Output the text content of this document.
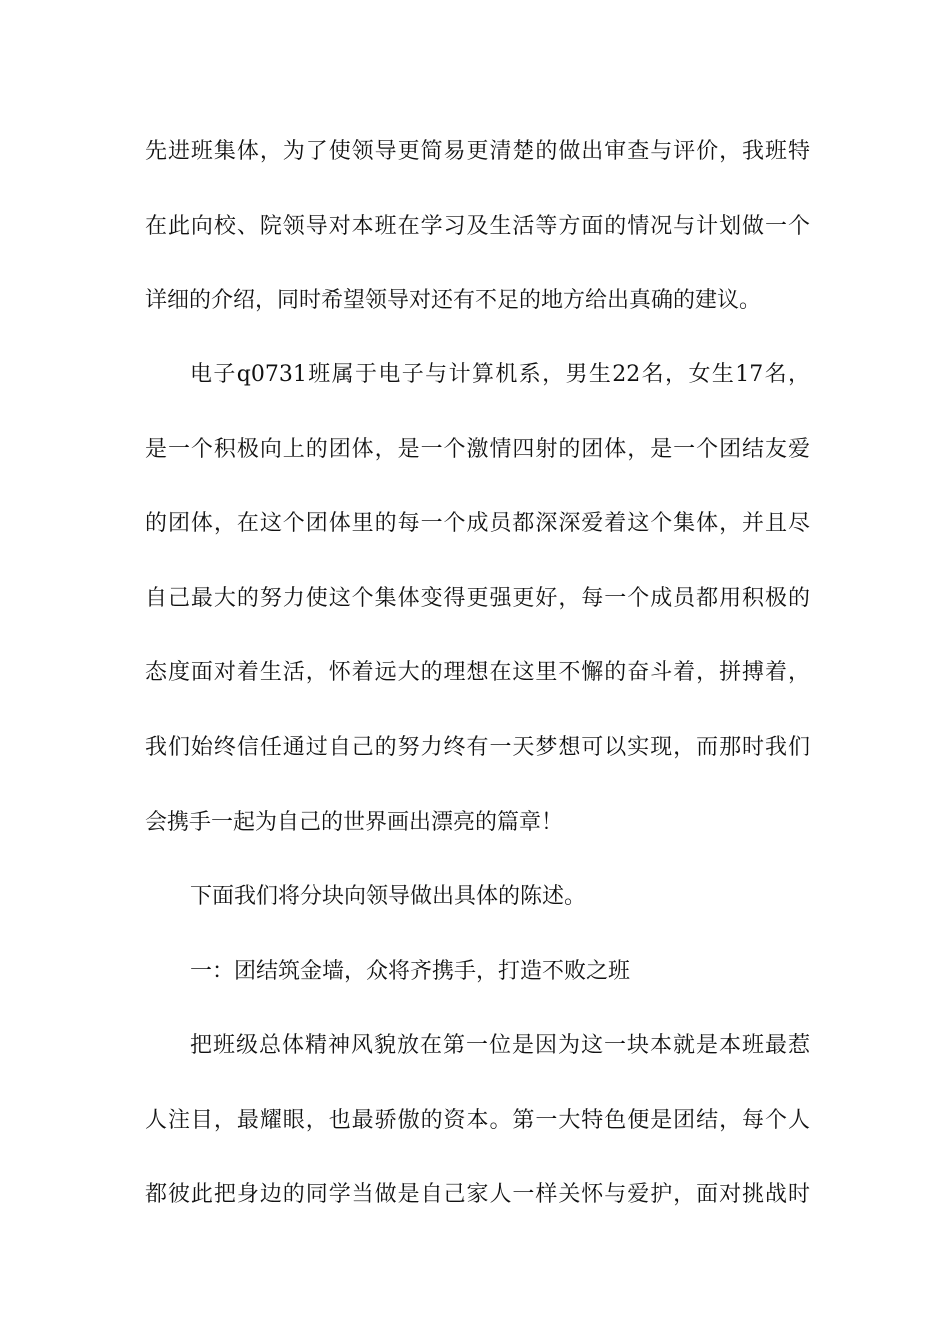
先进班集体，为了使领导更简易更清楚的做出审查与评价，我班特
在此向校、院领导对本班在学习及生活等方面的情况与计划做一个
详细的介绍，同时希望领导对还有不足的地方给出真确的建议。
电子q0731班属于电子与计算机系，男生22名，女生17名，
是一个积极向上的团体，是一个激情四射的团体，是一个团结友爱
的团体，在这个团体里的每一个成员都深深爱着这个集体，并且尽
自己最大的努力使这个集体变得更强更好，每一个成员都用积极的
态度面对着生活，怀着远大的理想在这里不懈的奋斗着，拼搏着，
我们始终信任通过自己的努力终有一天梦想可以实现，而那时我们
会携手一起为自己的世界画出漂亮的篇章！
下面我们将分块向领导做出具体的陈述。
一：团结筑金墙，众将齐携手，打造不败之班
把班级总体精神风貌放在第一位是因为这一块本就是本班最惹
人注目，最耀眼，也最骄傲的资本。第一大特色便是团结，每个人
都彼此把身边的同学当做是自己家人一样关怀与爱护，面对挑战时
